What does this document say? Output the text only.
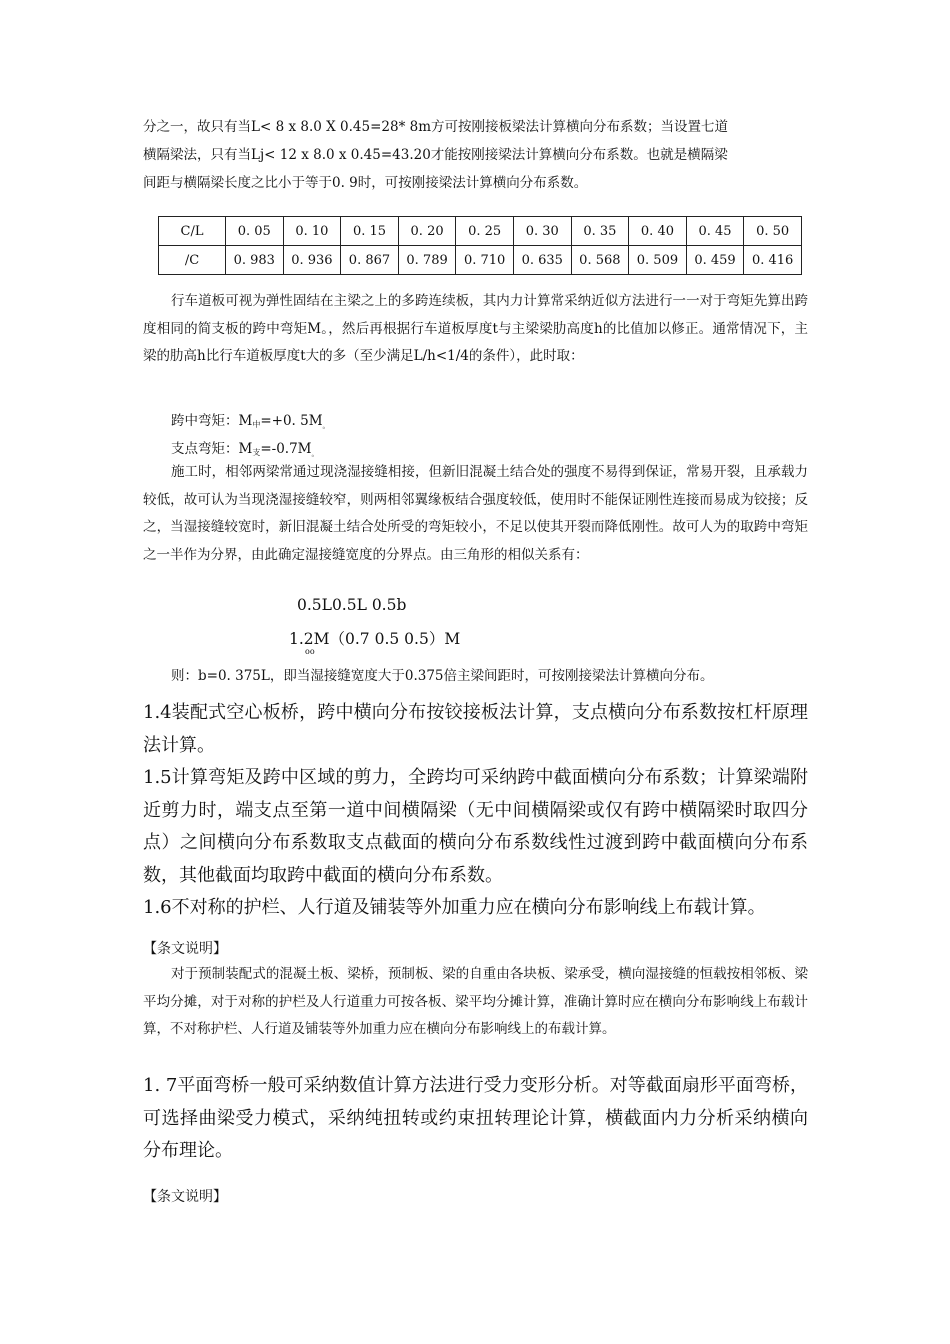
分之一，故只有当L< 8 x 8.0 X 0.45=28* 8m方可按刚接板梁法计算横向分布系数；当设置七道

横隔梁法，只有当Lj< 12 x 8.0 x 0.45=43.20才能按刚接梁法计算横向分布系数。也就是横隔梁

间距与横隔梁长度之比小于等于0. 9时，可按刚接梁法计算横向分布系数。

C/L	0. 05	0. 10	0. 15	0. 20	0. 25	0. 30	0. 35	0. 40	0. 45	0. 50
/C	0. 983	0. 936	0. 867	0. 789	0. 710	0. 635	0. 568	0. 509	0. 459	0. 416

行车道板可视为弹性固结在主梁之上的多跨连续板，其内力计算常采纳近似方法进行一一对于弯矩先算出跨度相同的简支板的跨中弯矩M。，然后再根据行车道板厚度t与主梁梁肋高度h的比值加以修正。通常情况下，主梁的肋高h比行车道板厚度t大的多（至少满足L/h<1/4的条件），此时取：

跨中弯矩：M中=+0. $5M_。$

支点弯矩：M支$=-0.7M_。$

施工时，相邻两梁常通过现浇湿接缝相接，但新旧混凝土结合处的强度不易得到保证，常易开裂，且承载力较低，故可认为当现浇湿接缝较窄，则两相邻翼缘板结合强度较低，使用时不能保证刚性连接而易成为铰接；反之，当湿接缝较宽时，新旧混凝土结合处所受的弯矩较小，不足以使其开裂而降低刚性。故可人为的取跨中弯矩之一半作为分界，由此确定湿接缝宽度的分界点。由三角形的相似关系有：

0.5L0.5L 0.5b

1.2M（0.7 0.5 0.5）M

oo

则：b=0. 375L，即当湿接缝宽度大于0.375倍主梁间距时，可按刚接梁法计算横向分布。

1.4装配式空心板桥，跨中横向分布按铰接板法计算，支点横向分布系数按杠杆原理法计算。

1.5计算弯矩及跨中区域的剪力，全跨均可采纳跨中截面横向分布系数；计算梁端附近剪力时，端支点至第一道中间横隔梁（无中间横隔梁或仅有跨中横隔梁时取四分点）之间横向分布系数取支点截面的横向分布系数线性过渡到跨中截面横向分布系数，其他截面均取跨中截面的横向分布系数。

1.6不对称的护栏、人行道及铺装等外加重力应在横向分布影响线上布载计算。

【条文说明】

对于预制装配式的混凝土板、梁桥，预制板、梁的自重由各块板、梁承受，横向湿接缝的恒载按相邻板、梁平均分摊，对于对称的护栏及人行道重力可按各板、梁平均分摊计算，准确计算时应在横向分布影响线上布载计算，不对称护栏、人行道及铺装等外加重力应在横向分布影响线上的布载计算。

1. 7平面弯桥一般可采纳数值计算方法进行受力变形分析。对等截面扇形平面弯桥，可选择曲梁受力模式，采纳纯扭转或约束扭转理论计算，横截面内力分析采纳横向分布理论。

【条文说明】
